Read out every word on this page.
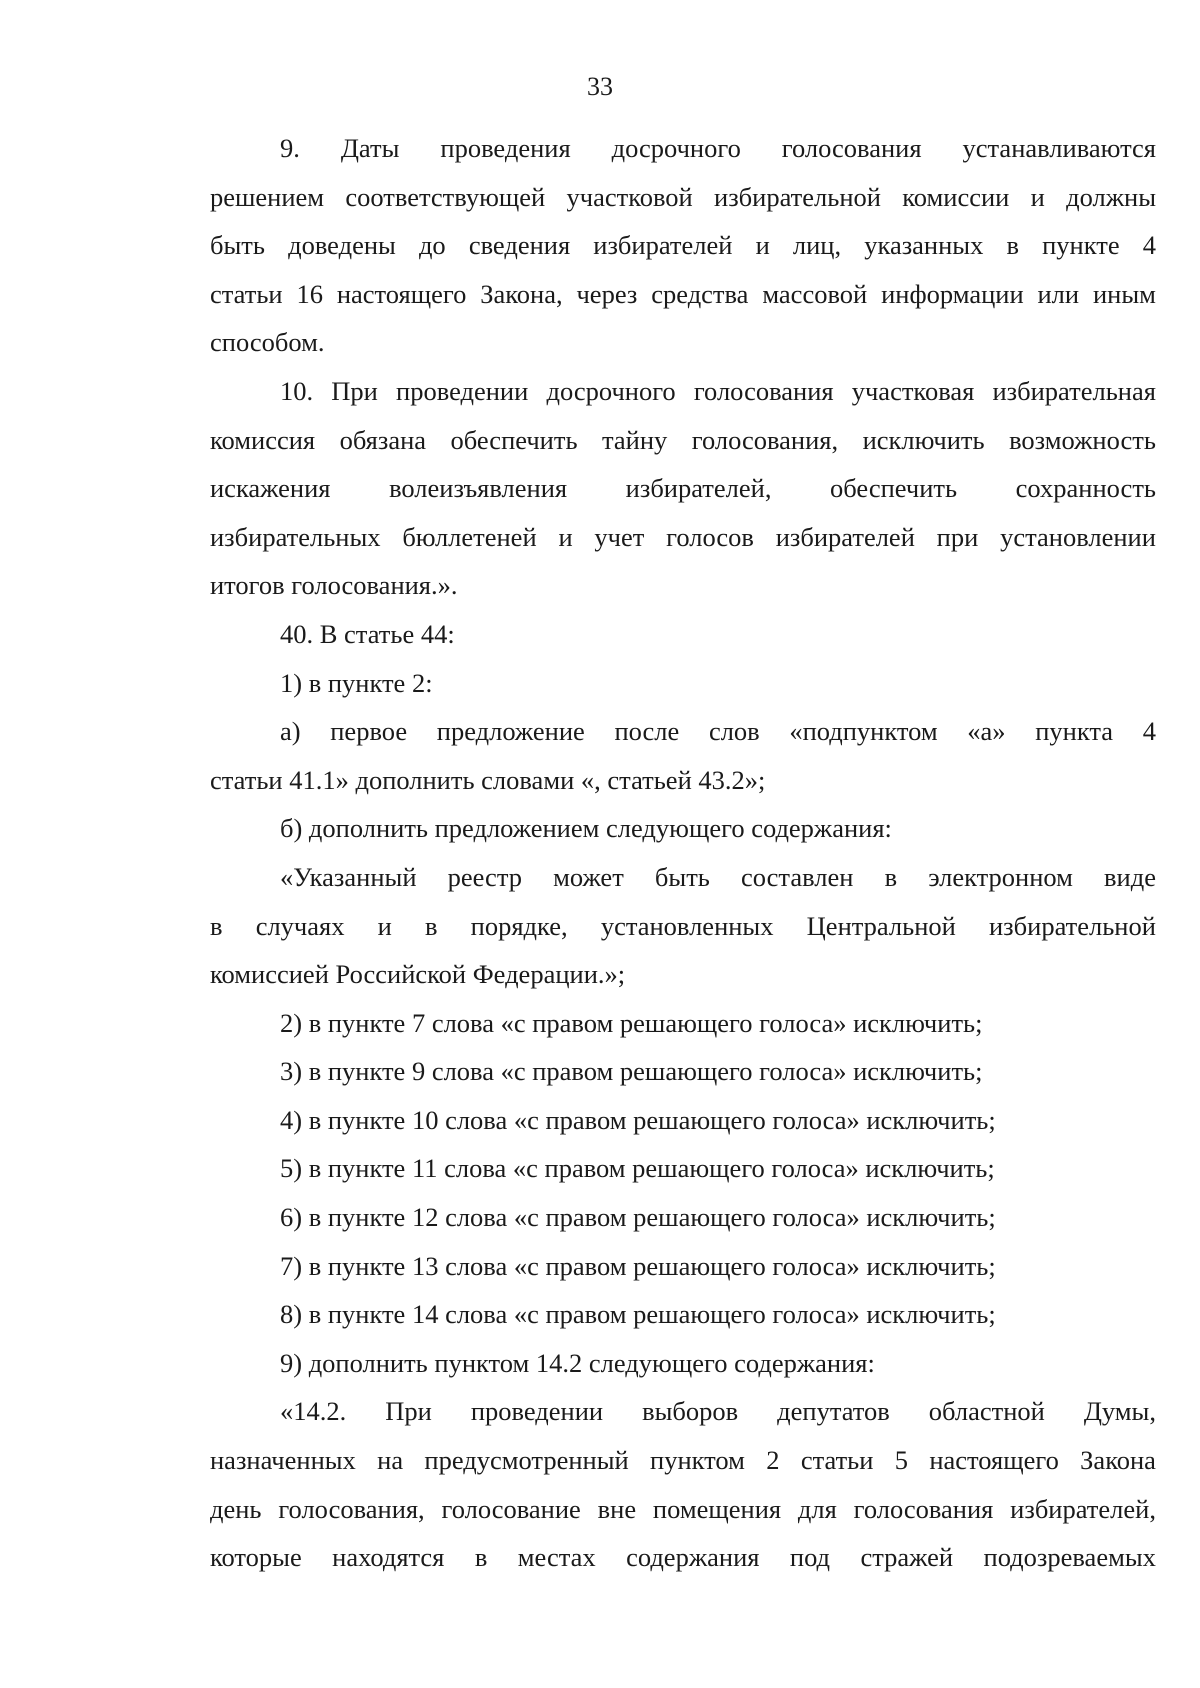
33
9. Даты проведения досрочного голосования устанавливаются
решением соответствующей участковой избирательной комиссии и должны
быть доведены до сведения избирателей и лиц, указанных в пункте 4
статьи 16 настоящего Закона, через средства массовой информации или иным
способом.
10. При проведении досрочного голосования участковая избирательная
комиссия обязана обеспечить тайну голосования, исключить возможность
искажения волеизъявления избирателей, обеспечить сохранность
избирательных бюллетеней и учет голосов избирателей при установлении
итогов голосования.».
40. В статье 44:
1) в пункте 2:
а) первое предложение после слов «подпунктом «а» пункта 4
статьи 41.1» дополнить словами «, статьей 43.2»;
б) дополнить предложением следующего содержания:
«Указанный реестр может быть составлен в электронном виде
в случаях и в порядке, установленных Центральной избирательной
комиссией Российской Федерации.»;
2) в пункте 7 слова «с правом решающего голоса» исключить;
3) в пункте 9 слова «с правом решающего голоса» исключить;
4) в пункте 10 слова «с правом решающего голоса» исключить;
5) в пункте 11 слова «с правом решающего голоса» исключить;
6) в пункте 12 слова «с правом решающего голоса» исключить;
7) в пункте 13 слова «с правом решающего голоса» исключить;
8) в пункте 14 слова «с правом решающего голоса» исключить;
9) дополнить пунктом 14.2 следующего содержания:
«14.2. При проведении выборов депутатов областной Думы,
назначенных на предусмотренный пунктом 2 статьи 5 настоящего Закона
день голосования, голосование вне помещения для голосования избирателей,
которые находятся в местах содержания под стражей подозреваемых
